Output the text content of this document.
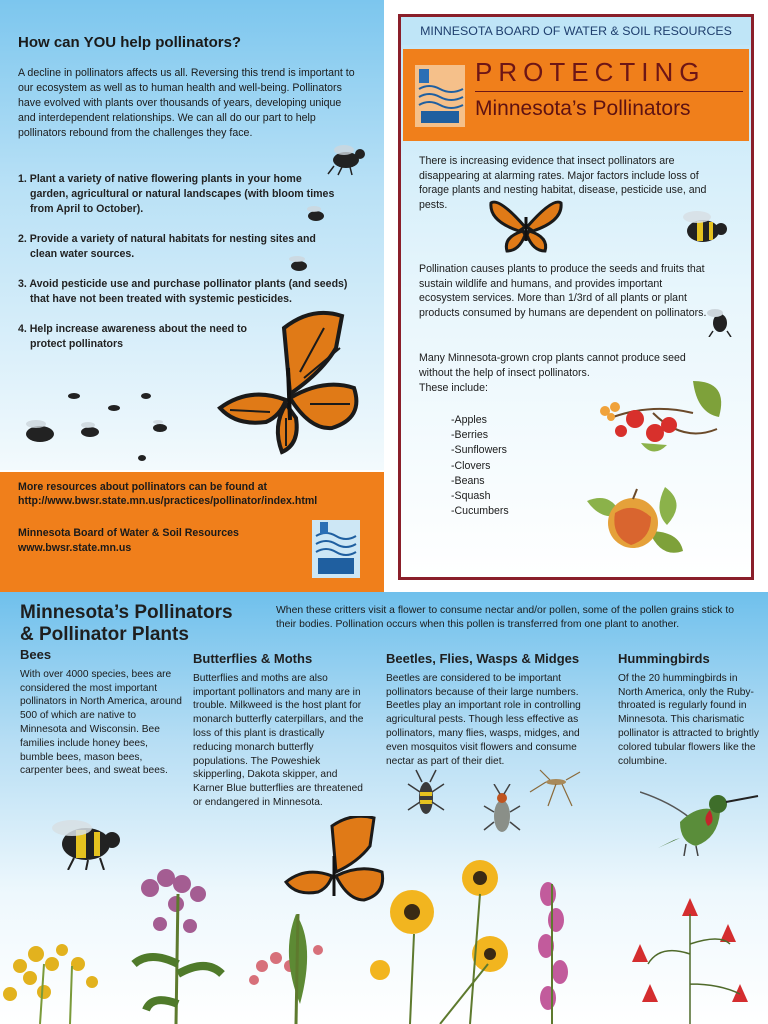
How can YOU help pollinators?

A decline in pollinators affects us all. Reversing this trend is important to our ecosystem as well as to human health and well-being. Pollinators have evolved with plants over thousands of years, developing unique and interdependent relationships. We can all do our part to help pollinators rebound from the challenges they face.

1. Plant a variety of native flowering plants in your home garden, agricultural or natural landscapes (with bloom times from April to October).

2. Provide a variety of natural habitats for nesting sites and clean water sources.

3. Avoid pesticide use and purchase pollinator plants (and seeds) that have not been treated with systemic pesticides.

4. Help increase awareness about the need to protect pollinators

More resources about pollinators can be found at

http://www.bwsr.state.mn.us/practices/pollinator/index.html

Minnesota Board of Water & Soil Resources

www.bwsr.state.mn.us

MINNESOTA BOARD OF WATER & SOIL RESOURCES
PROTECTING
Minnesota’s Pollinators

There is increasing evidence that insect pollinators are disappearing at alarming rates. Major factors include loss of forage plants and nesting habitat, disease, pesticide use, and pests.

Pollination causes plants to produce the seeds and fruits that sustain wildlife and humans, and provides important ecosystem services. More than 1/3rd of all plants or plant products consumed by humans are dependent on pollinators.

Many Minnesota-grown crop plants cannot produce seed without the help of insect pollinators.

These include:

-Apples
-Berries
-Sunflowers
-Clovers
-Beans
-Squash
-Cucumbers
Minnesota’s Pollinators
& Pollinator Plants

When these critters visit a flower to consume nectar and/or pollen, some of the pollen grains stick to their bodies. Pollination occurs when this pollen is transferred from one plant to another.

Bees

With over 4000 species, bees are considered the most important pollinators in North America, around 500 of which are native to Minnesota and Wisconsin. Bee families include honey bees, bumble bees, mason bees, carpenter bees, and sweat bees.

Butterflies & Moths

Butterflies and moths are also important pollinators and many are in trouble. Milkweed is the host plant for monarch butterfly caterpillars, and the loss of this plant is drastically reducing monarch butterfly populations. The Poweshiek skipperling, Dakota skipper, and Karner Blue butterflies are threatened or endangered in Minnesota.

Beetles, Flies, Wasps & Midges

Beetles are considered to be important pollinators because of their large numbers. Beetles play an important role in controlling agricultural pests. Though less effective as pollinators, many flies, wasps, midges, and even mosquitos visit flowers and consume nectar as part of their diet.

Hummingbirds

Of the 20 hummingbirds in North America, only the Ruby-throated is regularly found in Minnesota. This charismatic pollinator is attracted to brightly colored tubular flowers like the columbine.
